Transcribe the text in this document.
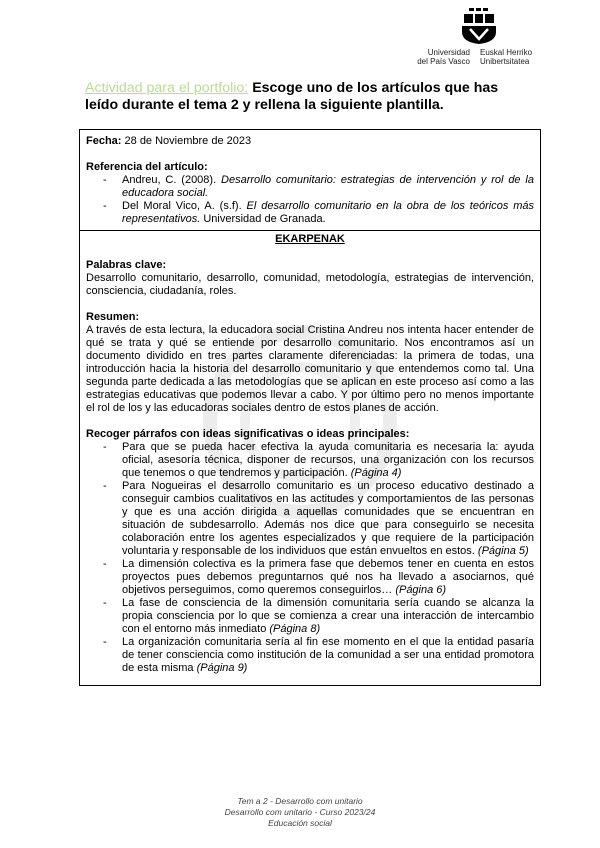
Universidad
del País Vasco
Euskal Herriko
Unibertsitatea
Actividad para el portfolio: Escoge uno de los artículos que has leído durante el tema 2 y rellena la siguiente plantilla.
Fecha: 28 de Noviembre de 2023
Referencia del artículo:
- Andreu, C. (2008). Desarrollo comunitario: estrategias de intervención y rol de la educadora social.
- Del Moral Vico, A. (s.f). El desarrollo comunitario en la obra de los teóricos más representativos. Universidad de Granada.
EKARPENAK
Palabras clave:
Desarrollo comunitario, desarrollo, comunidad, metodología, estrategias de intervención, consciencia, ciudadanía, roles.
Resumen:
A través de esta lectura, la educadora social Cristina Andreu nos intenta hacer entender de qué se trata y qué se entiende por desarrollo comunitario. Nos encontramos así un documento dividido en tres partes claramente diferenciadas: la primera de todas, una introducción hacia la historia del desarrollo comunitario y que entendemos como tal. Una segunda parte dedicada a las metodologías que se aplican en este proceso así como a las estrategias educativas que podemos llevar a cabo. Y por último pero no menos importante el rol de los y las educadoras sociales dentro de estos planes de acción.
Recoger párrafos con ideas significativas o ideas principales:
- Para que se pueda hacer efectiva la ayuda comunitaria es necesaria la: ayuda oficial, asesoría técnica, disponer de recursos, una organización con los recursos que tenemos o que tendremos y participación. (Página 4)
- Para Nogueiras el desarrollo comunitario es un proceso educativo destinado a conseguir cambios cualitativos en las actitudes y comportamientos de las personas y que es una acción dirigida a aquellas comunidades que se encuentran en situación de subdesarrollo. Además nos dice que para conseguirlo se necesita colaboración entre los agentes especializados y que requiere de la participación voluntaria y responsable de los individuos que están envueltos en estos. (Página 5)
- La dimensión colectiva es la primera fase que debemos tener en cuenta en estos proyectos pues debemos preguntarnos qué nos ha llevado a asociarnos, qué objetivos perseguimos, como queremos conseguirlos… (Página 6)
- La fase de consciencia de la dimensión comunitaria sería cuando se alcanza la propia consciencia por lo que se comienza a crear una interacción de intercambio con el entorno más inmediato (Página 8)
- La organización comunitaria sería al fin ese momento en el que la entidad pasaría de tener consciencia como institución de la comunidad a ser una entidad promotora de esta misma (Página 9)
Tem a 2 - Desarrollo com unitario
Desarrollo com unitario - Curso 2023/24
Educación social
